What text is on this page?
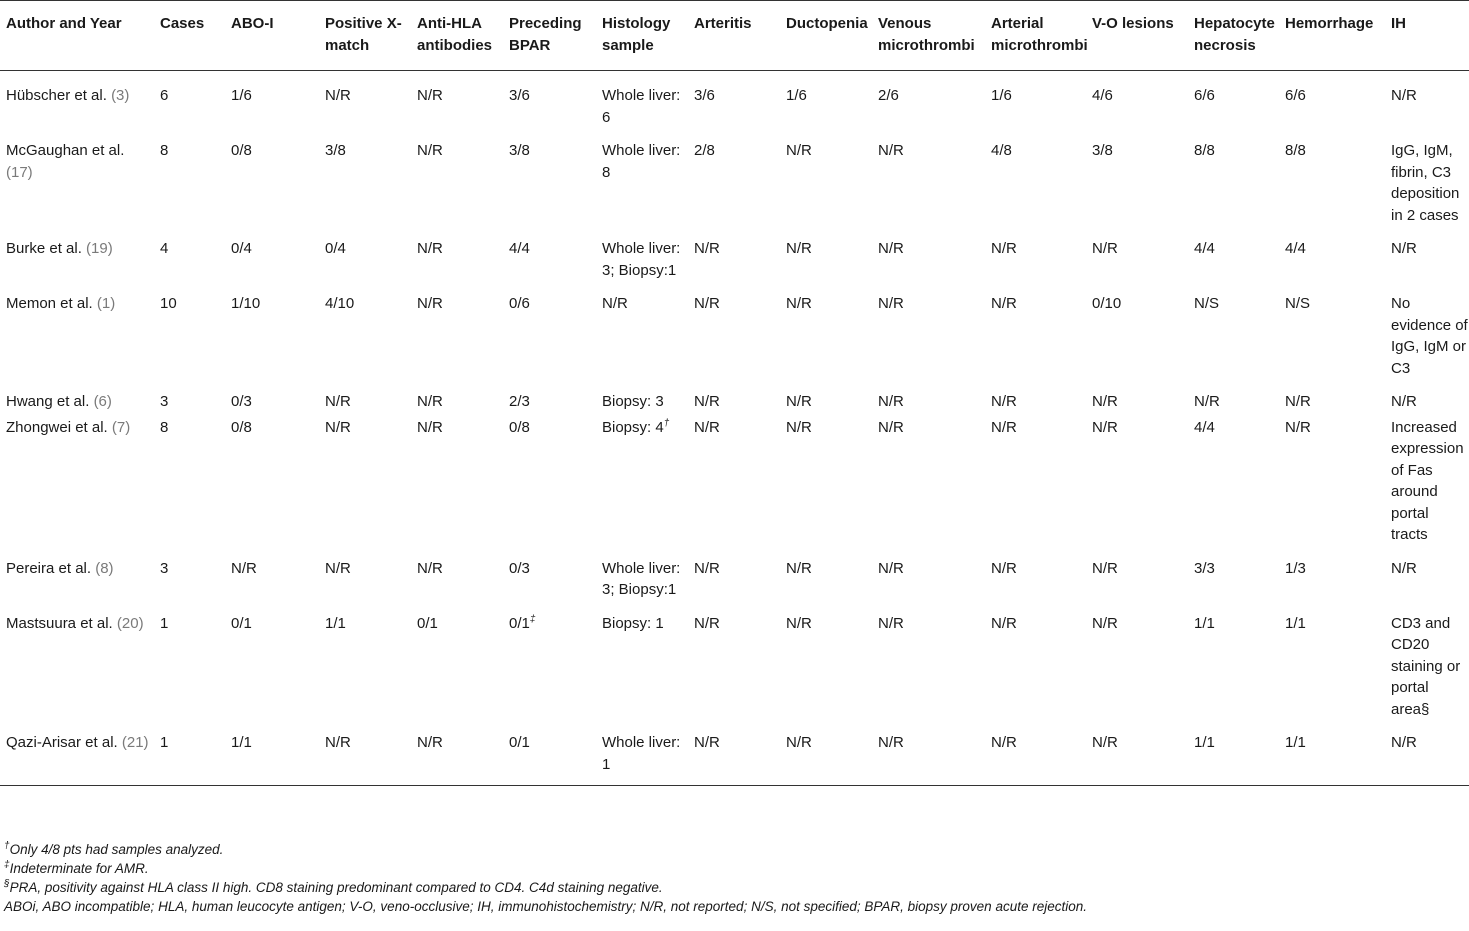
Author and Year	Cases	ABO-I	Positive X-match	Anti-HLA antibodies	Preceding BPAR	Histology sample	Arteritis	Ductopenia	Venous microthrombi	Arterial microthrombi	V-O lesions	Hepatocyte necrosis	Hemorrhage	IH
Hübscher et al. (3)	6	1/6	N/R	N/R	3/6	Whole liver: 6	3/6	1/6	2/6	1/6	4/6	6/6	6/6	N/R
McGaughan et al. (17)	8	0/8	3/8	N/R	3/8	Whole liver: 8	2/8	N/R	N/R	4/8	3/8	8/8	8/8	IgG, IgM, fibrin, C3 deposition in 2 cases
Burke et al. (19)	4	0/4	0/4	N/R	4/4	Whole liver: 3; Biopsy:1	N/R	N/R	N/R	N/R	N/R	4/4	4/4	N/R
Memon et al. (1)	10	1/10	4/10	N/R	0/6	N/R	N/R	N/R	N/R	N/R	0/10	N/S	N/S	No evidence of IgG, IgM or C3
Hwang et al. (6)	3	0/3	N/R	N/R	2/3	Biopsy: 3	N/R	N/R	N/R	N/R	N/R	N/R	N/R	N/R
Zhongwei et al. (7)	8	0/8	N/R	N/R	0/8	Biopsy: 4†	N/R	N/R	N/R	N/R	N/R	4/4	N/R	Increased expression of Fas around portal tracts
Pereira et al. (8)	3	N/R	N/R	N/R	0/3	Whole liver: 3; Biopsy:1	N/R	N/R	N/R	N/R	N/R	3/3	1/3	N/R
Mastsuura et al. (20)	1	0/1	1/1	0/1	0/1‡	Biopsy: 1	N/R	N/R	N/R	N/R	N/R	1/1	1/1	CD3 and CD20 staining or portal area§
Qazi-Arisar et al. (21)	1	1/1	N/R	N/R	0/1	Whole liver: 1	N/R	N/R	N/R	N/R	N/R	1/1	1/1	N/R
†Only 4/8 pts had samples analyzed.
‡Indeterminate for AMR.
§PRA, positivity against HLA class II high. CD8 staining predominant compared to CD4. C4d staining negative.
ABOi, ABO incompatible; HLA, human leucocyte antigen; V-O, veno-occlusive; IH, immunohistochemistry; N/R, not reported; N/S, not specified; BPAR, biopsy proven acute rejection.
